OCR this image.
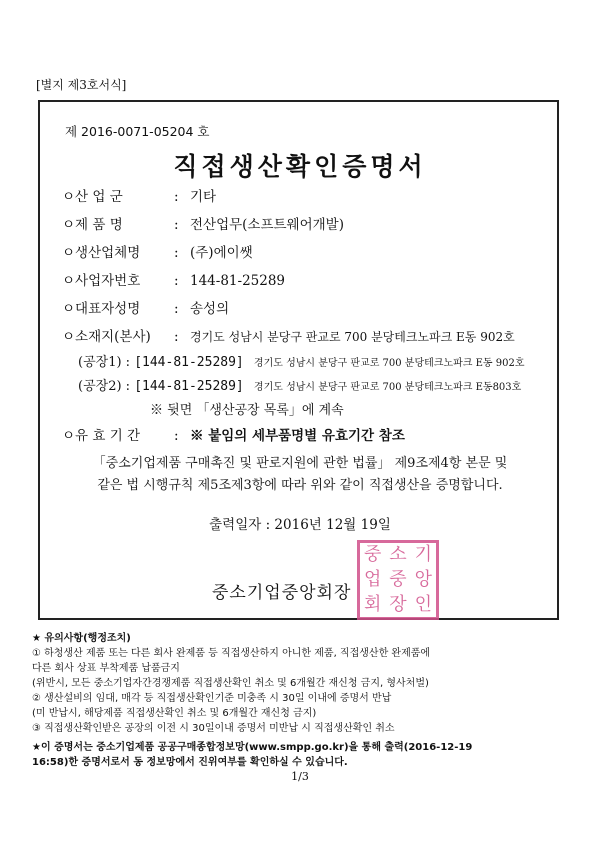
[별지 제3호서식]
제 2016-0071-05204 호
직접생산확인증명서
ㅇ산 업 군	: 기타
ㅇ제 품 명	: 전산업무(소프트웨어개발)
ㅇ생산업체명	: (주)에이쌧
ㅇ사업자번호	: 144-81-25289
ㅇ대표자성명	: 송성의
ㅇ소재지(본사) : 경기도 성남시 분당구 판교로 700 분당테크노파크 E동 902호
(공장1) : [144-81-25289] 경기도 성남시 분당구 판교로 700 분당테크노파크 E동 902호
(공장2) : [144-81-25289] 경기도 성남시 분당구 판교로 700 분당테크노파크 E동803호
※ 뒷면 「생산공장 목록」에 계속
ㅇ유 효 기 간	: ※ 붙임의 세부품명별 유효기간 참조
「중소기업제품 구매촉진 및 판로지원에 관한 법률」 제9조제4항 본문 및
같은 법 시행규칙 제5조제3항에 따라 위와 같이 직접생산을 증명합니다.
출력일자 : 2016년 12월 19일
중소기업중앙회장
중 소 기
업 중 앙
회 장 인
★ 유의사항(행정조치)
① 하청생산 제품 또는 다른 회사 완제품 등 직접생산하지 아니한 제품, 직접생산한 완제품에
다른 회사 상표 부착제품 납품금지
(위반시, 모든 중소기업자간경쟁제품 직접생산확인 취소 및 6개월간 재신청 금지, 형사처벌)
② 생산설비의 임대, 매각 등 직접생산확인기준 미충족 시 30일 이내에 증명서 반납
(미 반납시, 해당제품 직접생산확인 취소 및 6개월간 재신청 금지)
③ 직접생산확인받은 공장의 이전 시 30일이내 증명서 미반납 시 직접생산확인 취소
★이 증명서는 중소기업제품 공공구매종합정보망(www.smpp.go.kr)을 통해 출력(2016-12-19
16:58)한 증명서로서 동 정보망에서 진위여부를 확인하실 수 있습니다.
1/3
